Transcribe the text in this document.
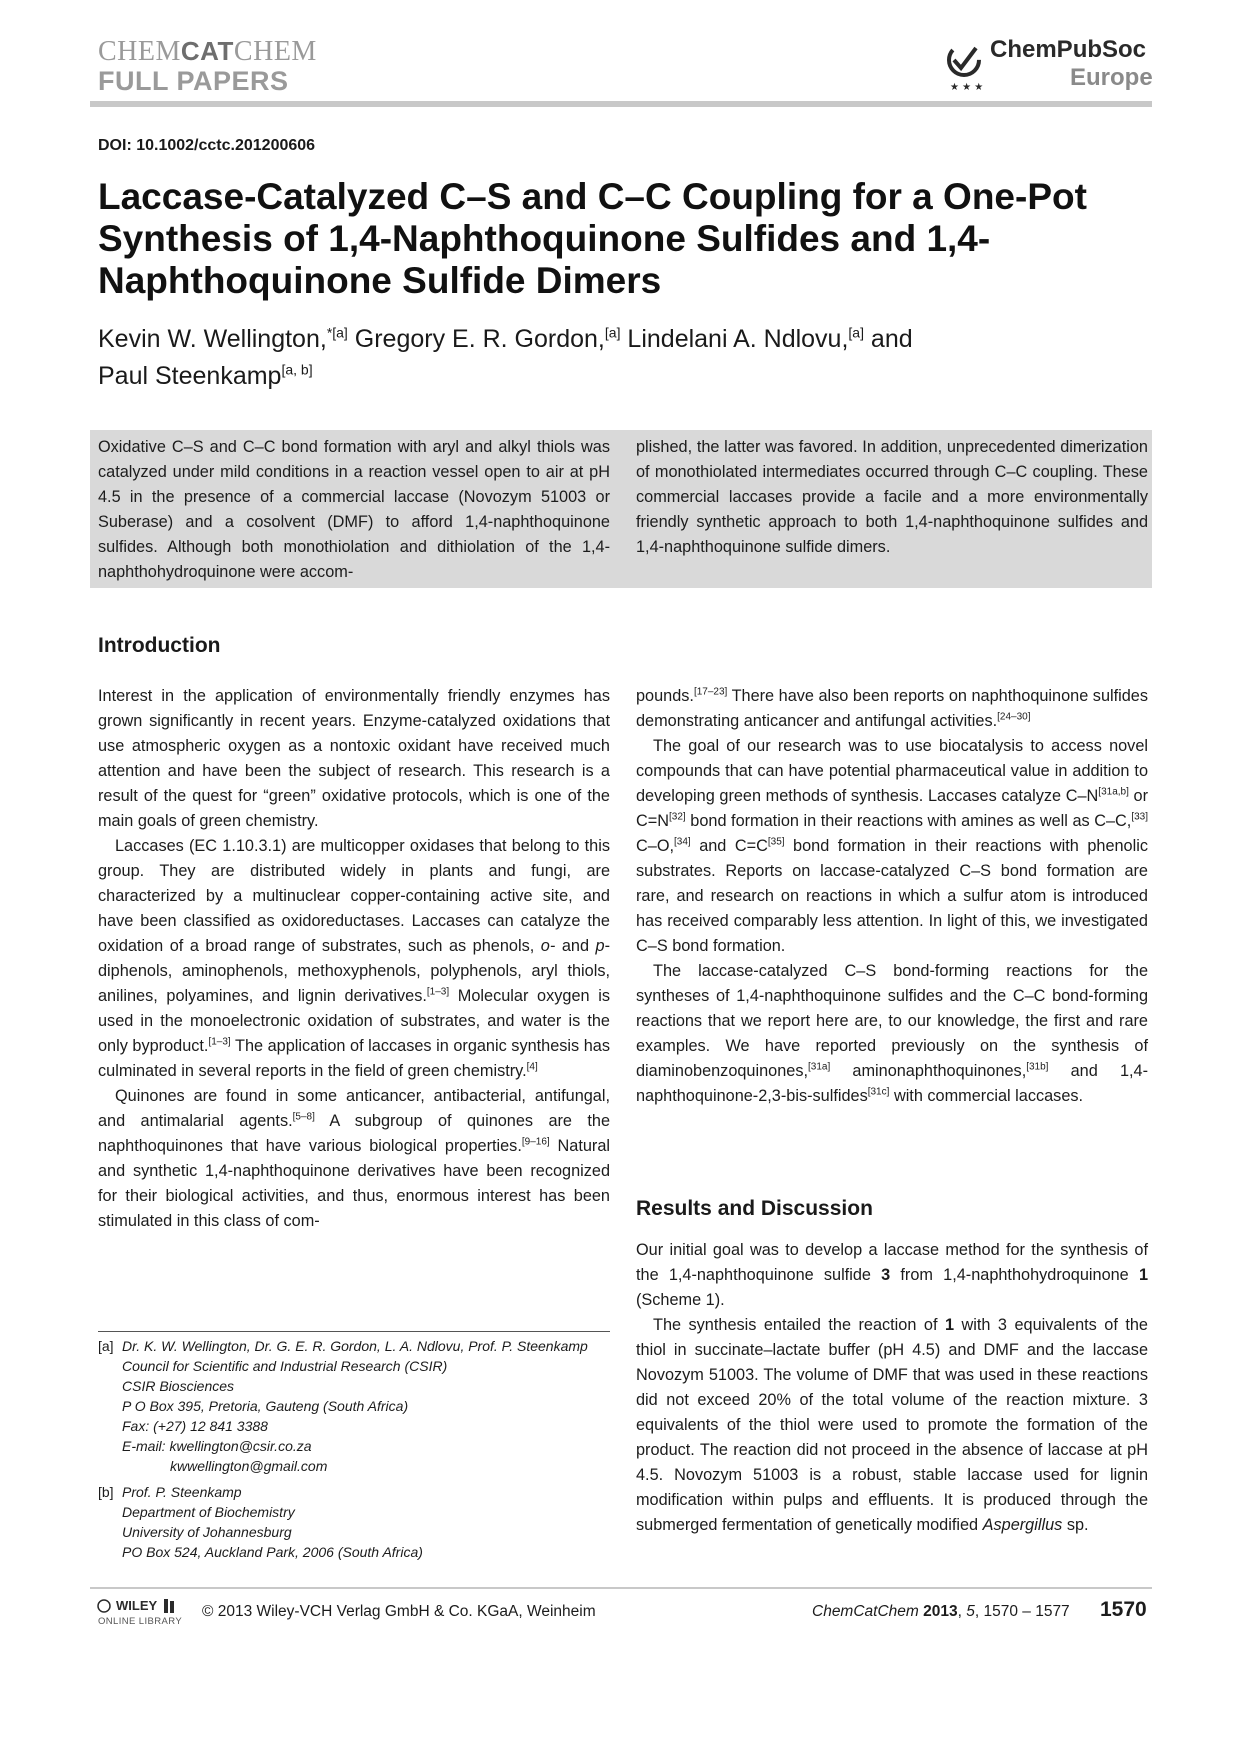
CHEMCATCHEM
FULL PAPERS	★ ★ ★
ChemPubSoc
Europe
DOI: 10.1002/cctc.201200606
Laccase-Catalyzed C–S and C–C Coupling for a One-Pot Synthesis of 1,4-Naphthoquinone Sulfides and 1,4-Naphthoquinone Sulfide Dimers
Kevin W. Wellington,$^{*[a]}$ Gregory E. R. Gordon,[a] Lindelani A. Ndlovu,[a] and
Paul Steenkamp[a, b]
Oxidative C–S and C–C bond formation with aryl and alkyl thiols was catalyzed under mild conditions in a reaction vessel open to air at pH 4.5 in the presence of a commercial laccase (Novozym 51003 or Suberase) and a cosolvent (DMF) to afford 1,4-naphthoquinone sulfides. Although both monothiolation and dithiolation of the 1,4-naphthohydroquinone were accom-
plished, the latter was favored. In addition, unprecedented dimerization of monothiolated intermediates occurred through C–C coupling. These commercial laccases provide a facile and a more environmentally friendly synthetic approach to both 1,4-naphthoquinone sulfides and 1,4-naphthoquinone sulfide dimers.
Introduction

Interest in the application of environmentally friendly enzymes has grown significantly in recent years. Enzyme-catalyzed oxidations that use atmospheric oxygen as a nontoxic oxidant have received much attention and have been the subject of research. This research is a result of the quest for “green” oxidative protocols, which is one of the main goals of green chemistry.

Laccases (EC 1.10.3.1) are multicopper oxidases that belong to this group. They are distributed widely in plants and fungi, are characterized by a multinuclear copper-containing active site, and have been classified as oxidoreductases. Laccases can catalyze the oxidation of a broad range of substrates, such as phenols, o- and p-diphenols, aminophenols, methoxyphenols, polyphenols, aryl thiols, anilines, polyamines, and lignin derivatives.[1–3] Molecular oxygen is used in the monoelectronic oxidation of substrates, and water is the only byproduct.[1–3] The application of laccases in organic synthesis has culminated in several reports in the field of green chemistry.[4]

Quinones are found in some anticancer, antibacterial, antifungal, and antimalarial agents.[5–8] A subgroup of quinones are the naphthoquinones that have various biological properties.[9–16] Natural and synthetic 1,4-naphthoquinone derivatives have been recognized for their biological activities, and thus, enormous interest has been stimulated in this class of com-

pounds.[17–23] There have also been reports on naphthoquinone sulfides demonstrating anticancer and antifungal activities.[24–30]

The goal of our research was to use biocatalysis to access novel compounds that can have potential pharmaceutical value in addition to developing green methods of synthesis. Laccases catalyze C–N[31a,b] or C=N[32] bond formation in their reactions with amines as well as C–C,[33] C–O,[34] and C=C[35] bond formation in their reactions with phenolic substrates. Reports on laccase-catalyzed C–S bond formation are rare, and research on reactions in which a sulfur atom is introduced has received comparably less attention. In light of this, we investigated C–S bond formation.

The laccase-catalyzed C–S bond-forming reactions for the syntheses of 1,4-naphthoquinone sulfides and the C–C bond-forming reactions that we report here are, to our knowledge, the first and rare examples. We have reported previously on the synthesis of diaminobenzoquinones,[31a] aminonaphthoquinones,[31b] and 1,4-naphthoquinone-2,3-bis-sulfides[31c] with commercial laccases.

Results and Discussion

Our initial goal was to develop a laccase method for the synthesis of the 1,4-naphthoquinone sulfide 3 from 1,4-naphthohydroquinone 1 (Scheme 1).

The synthesis entailed the reaction of 1 with 3 equivalents of the thiol in succinate–lactate buffer (pH 4.5) and DMF and the laccase Novozym 51003. The volume of DMF that was used in these reactions did not exceed 20% of the total volume of the reaction mixture. 3 equivalents of the thiol were used to promote the formation of the product. The reaction did not proceed in the absence of laccase at pH 4.5. Novozym 51003 is a robust, stable laccase used for lignin modification within pulps and effluents. It is produced through the submerged fermentation of genetically modified Aspergillus sp.

[a] Dr. K. W. Wellington, Dr. G. E. R. Gordon, L. A. Ndlovu, Prof. P. Steenkamp
Council for Scientific and Industrial Research (CSIR)
CSIR Biosciences
P O Box 395, Pretoria, Gauteng (South Africa)
Fax: (+27) 12 841 3388
E-mail: kwellington@csir.co.za
kwwellington@gmail.com
[b] Prof. P. Steenkamp
Department of Biochemistry
University of Johannesburg
PO Box 524, Auckland Park, 2006 (South Africa)
WILEY
ONLINE LIBRARY
© 2013 Wiley-VCH Verlag GmbH & Co. KGaA, Weinheim	ChemCatChem 2013, 5, 1570 – 1577 1570
